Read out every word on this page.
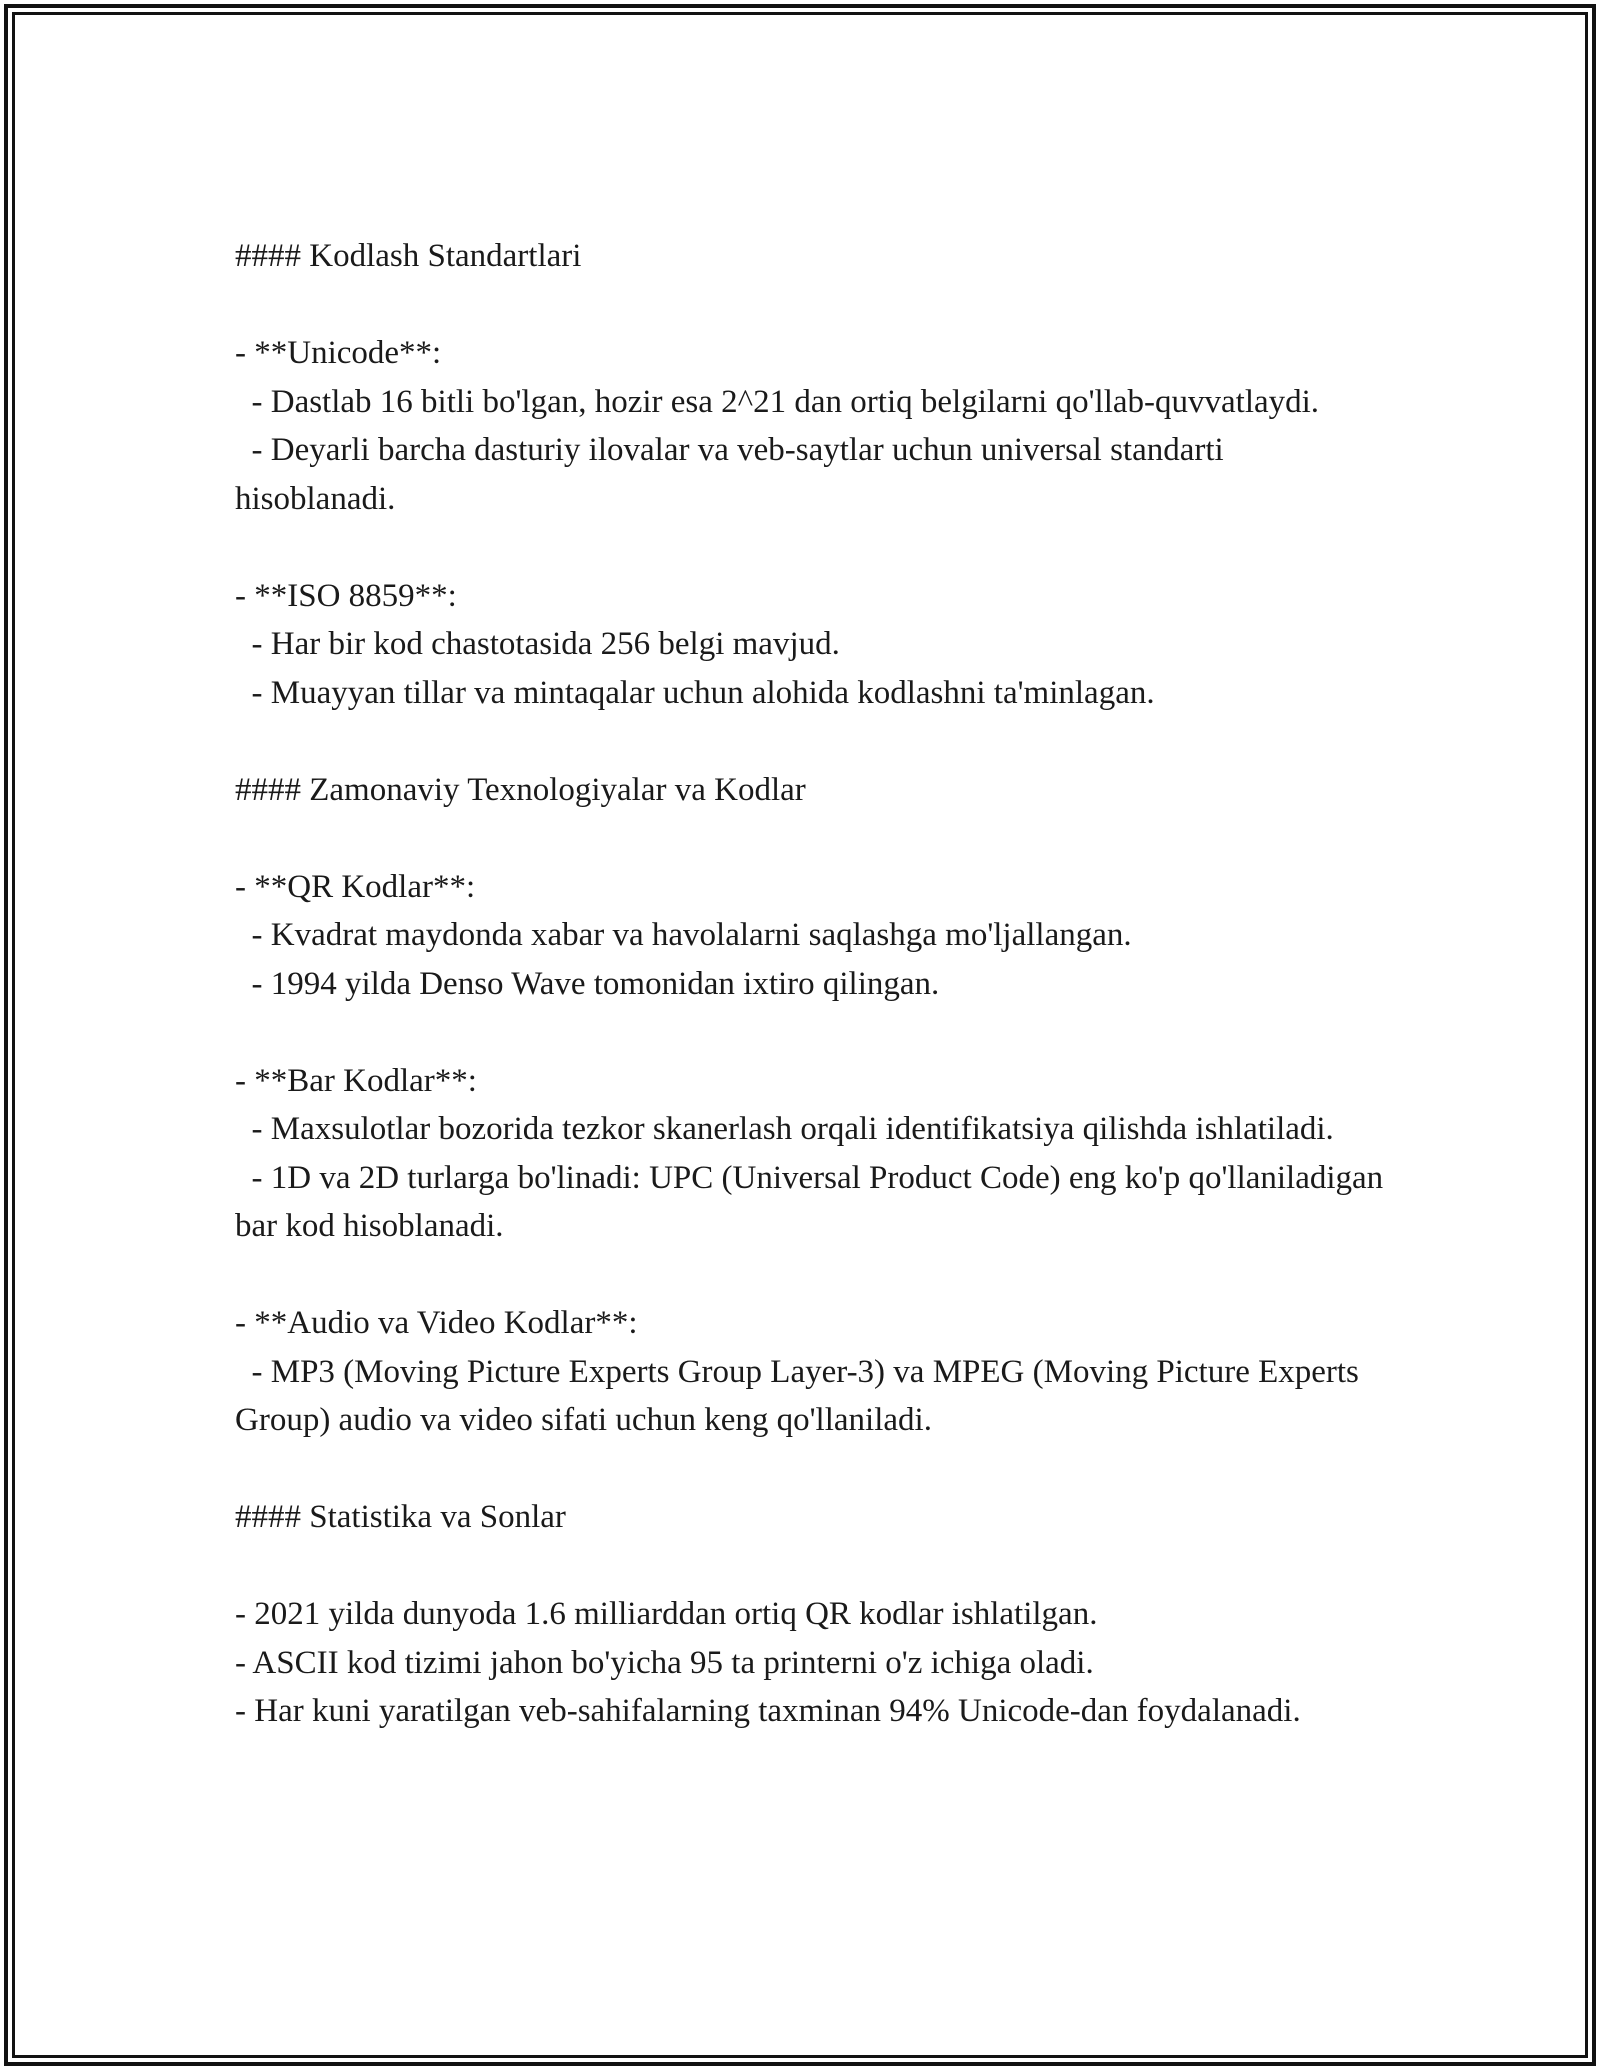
#### Kodlash Standartlari

- **Unicode**:

- Dastlab 16 bitli bo'lgan, hozir esa 2^21 dan ortiq belgilarni qo'llab-quvvatlaydi.

- Deyarli barcha dasturiy ilovalar va veb-saytlar uchun universal standarti hisoblanadi.

- **ISO 8859**:

- Har bir kod chastotasida 256 belgi mavjud.

- Muayyan tillar va mintaqalar uchun alohida kodlashni ta'minlagan.

#### Zamonaviy Texnologiyalar va Kodlar

- **QR Kodlar**:

- Kvadrat maydonda xabar va havolalarni saqlashga mo'ljallangan.

- 1994 yilda Denso Wave tomonidan ixtiro qilingan.

- **Bar Kodlar**:

- Maxsulotlar bozorida tezkor skanerlash orqali identifikatsiya qilishda ishlatiladi.

- 1D va 2D turlarga bo'linadi: UPC (Universal Product Code) eng ko'p qo'llaniladigan bar kod hisoblanadi.

- **Audio va Video Kodlar**:

- MP3 (Moving Picture Experts Group Layer-3) va MPEG (Moving Picture Experts Group) audio va video sifati uchun keng qo'llaniladi.

#### Statistika va Sonlar

- 2021 yilda dunyoda 1.6 milliarddan ortiq QR kodlar ishlatilgan.

- ASCII kod tizimi jahon bo'yicha 95 ta printerni o'z ichiga oladi.

- Har kuni yaratilgan veb-sahifalarning taxminan 94% Unicode-dan foydalanadi.
